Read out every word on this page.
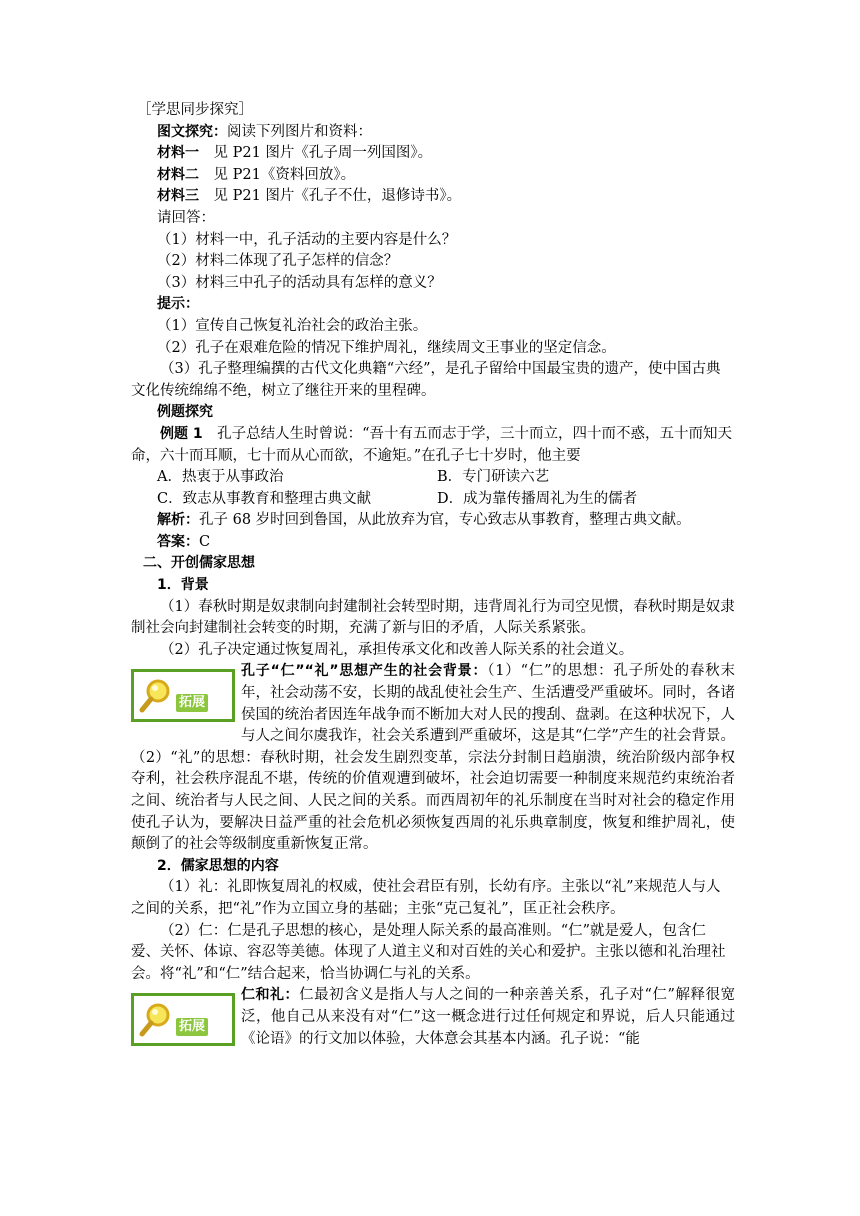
［学思同步探究］

图文探究：阅读下列图片和资料：

材料一　见 P21 图片《孔子周一列国图》。

材料二　见 P21《资料回放》。

材料三　见 P21 图片《孔子不仕，退修诗书》。

请回答：

（1）材料一中，孔子活动的主要内容是什么？

（2）材料二体现了孔子怎样的信念？

（3）材料三中孔子的活动具有怎样的意义？

提示：

（1）宣传自己恢复礼治社会的政治主张。

（2）孔子在艰难危险的情况下维护周礼，继续周文王事业的坚定信念。

（3）孔子整理编撰的古代文化典籍“六经”，是孔子留给中国最宝贵的遗产，使中国古典文化传统绵绵不绝，树立了继往开来的里程碑。

例题探究

例题 1　孔子总结人生时曾说：“吾十有五而志于学，三十而立，四十而不惑，五十而知天命，六十而耳顺，七十而从心而欲，不逾矩。”在孔子七十岁时，他主要

A．热衷于从事政治	B．专门研读六艺
C．致志从事教育和整理古典文献	D．成为靠传播周礼为生的儒者

解析：孔子 68 岁时回到鲁国，从此放弃为官，专心致志从事教育，整理古典文献。

答案：C

二、开创儒家思想

1．背景

（1）春秋时期是奴隶制向封建制社会转型时期，违背周礼行为司空见惯，春秋时期是奴隶制社会向封建制社会转变的时期，充满了新与旧的矛盾，人际关系紧张。

（2）孔子决定通过恢复周礼，承担传承文化和改善人际关系的社会道义。

拓展

孔子“仁”“礼”思想产生的社会背景：（1）“仁”的思想：孔子所处的春秋末年，社会动荡不安，长期的战乱使社会生产、生活遭受严重破坏。同时，各诸侯国的统治者因连年战争而不断加大对人民的搜刮、盘剥。在这种状况下，人与人之间尔虞我诈，社会关系遭到严重破坏，这是其“仁学”产生的社会背景。（2）“礼”的思想：春秋时期，社会发生剧烈变革，宗法分封制日趋崩溃，统治阶级内部争权夺利，社会秩序混乱不堪，传统的价值观遭到破坏，社会迫切需要一种制度来规范约束统治者之间、统治者与人民之间、人民之间的关系。而西周初年的礼乐制度在当时对社会的稳定作用使孔子认为，要解决日益严重的社会危机必须恢复西周的礼乐典章制度，恢复和维护周礼，使颠倒了的社会等级制度重新恢复正常。

2．儒家思想的内容

（1）礼：礼即恢复周礼的权威，使社会君臣有别，长幼有序。主张以“礼”来规范人与人之间的关系，把“礼”作为立国立身的基础；主张“克己复礼”，匡正社会秩序。

（2）仁：仁是孔子思想的核心，是处理人际关系的最高准则。“仁”就是爱人，包含仁爱、关怀、体谅、容忍等美德。体现了人道主义和对百姓的关心和爱护。主张以德和礼治理社会。将“礼”和“仁”结合起来，恰当协调仁与礼的关系。

拓展

仁和礼：仁最初含义是指人与人之间的一种亲善关系，孔子对“仁”解释很宽泛，他自己从来没有对“仁”这一概念进行过任何规定和界说，后人只能通过《论语》的行文加以体验，大体意会其基本内涵。孔子说：“能
